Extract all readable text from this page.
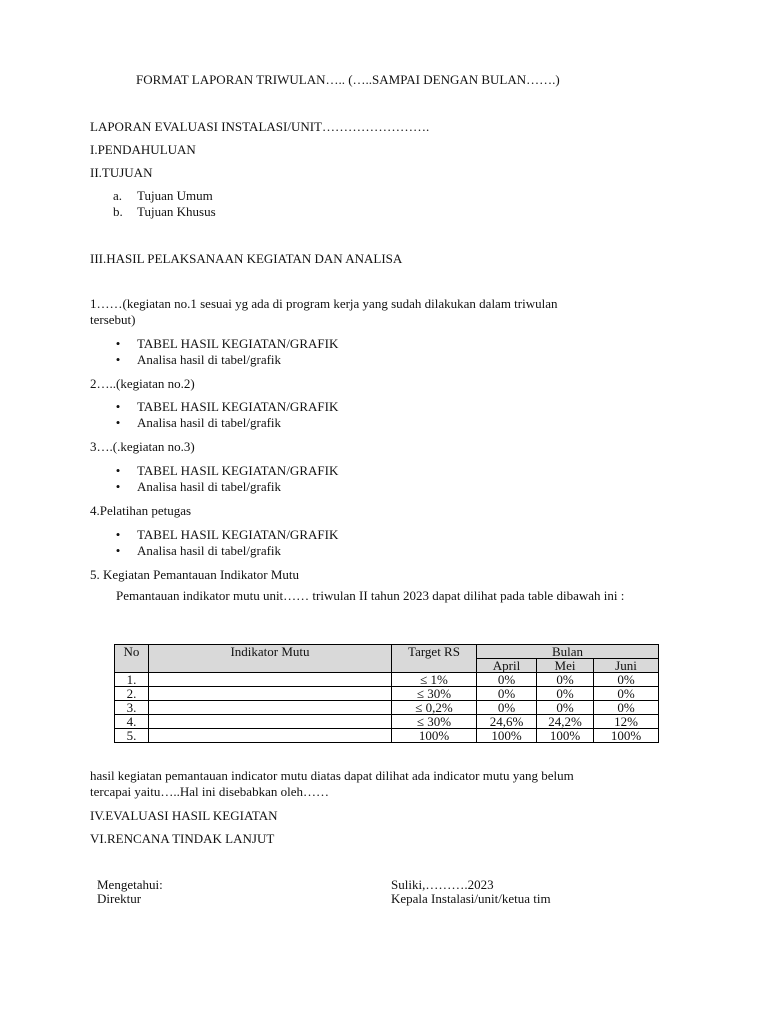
FORMAT LAPORAN TRIWULAN….. (…..SAMPAI DENGAN BULAN…….)
LAPORAN EVALUASI INSTALASI/UNIT…………………….
I.PENDAHULUAN
II.TUJUAN
a. Tujuan Umum
b. Tujuan Khusus
III.HASIL PELAKSANAAN KEGIATAN DAN ANALISA
1……(kegiatan no.1 sesuai yg ada di program kerja yang sudah dilakukan dalam triwulan
tersebut)
• TABEL HASIL KEGIATAN/GRAFIK
• Analisa hasil di tabel/grafik
2…..(kegiatan no.2)
• TABEL HASIL KEGIATAN/GRAFIK
• Analisa hasil di tabel/grafik
3….(.kegiatan no.3)
• TABEL HASIL KEGIATAN/GRAFIK
• Analisa hasil di tabel/grafik
4.Pelatihan petugas
• TABEL HASIL KEGIATAN/GRAFIK
• Analisa hasil di tabel/grafik
5. Kegiatan Pemantauan Indikator Mutu
Pemantauan indikator mutu unit…… triwulan II tahun 2023 dapat dilihat pada table dibawah ini :
No	Indikator Mutu	Target RS	Bulan		
			April	Mei	Juni
1.		≤ 1%	0%	0%	0%
2.		≤ 30%	0%	0%	0%
3.		≤ 0,2%	0%	0%	0%
4.		≤ 30%	24,6%	24,2%	12%
5.		100%	100%	100%	100%
hasil kegiatan pemantauan indicator mutu diatas dapat dilihat ada indicator mutu yang belum
tercapai yaitu…..Hal ini disebabkan oleh……
IV.EVALUASI HASIL KEGIATAN
VI.RENCANA TINDAK LANJUT
Mengetahui:
Direktur
Suliki,……….2023
Kepala Instalasi/unit/ketua tim
